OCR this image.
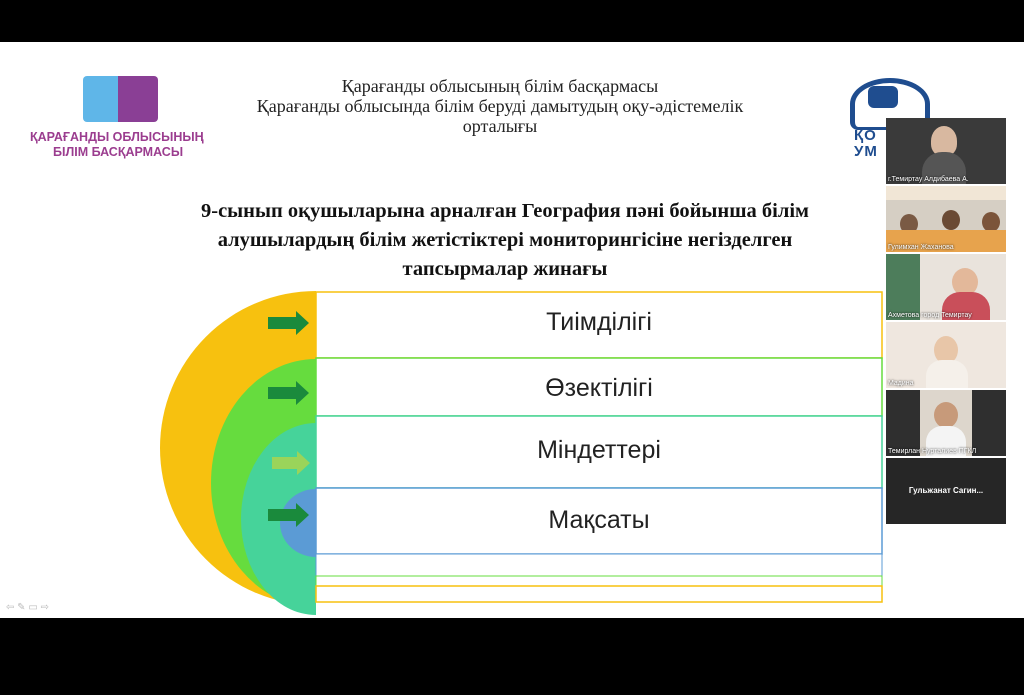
ҚАРАҒАНДЫ ОБЛЫСЫНЫҢ
БІЛІМ БАСҚАРМАСЫ
Қарағанды облысының білім басқармасы
Қарағанды облысында білім беруді дамытудың оқу-әдістемелік
орталығы	ҚО
УМ
9-сынып оқушыларына арналған География пәні бойынша білім
алушылардың білім жетістіктері мониторингісіне негізделген
тапсырмалар жинағы
Тиімділігі
Өзектілігі
Міндеттері
Мақсаты
⇦ ✎ ▭ ⇨
г.Темиртау Алдибаева А.
Гулимхан Жаханова
Ахметова город Темиртау
Мадина
Темирлан Нурталиев ПГКЛ
Гульжанат Сагин...
